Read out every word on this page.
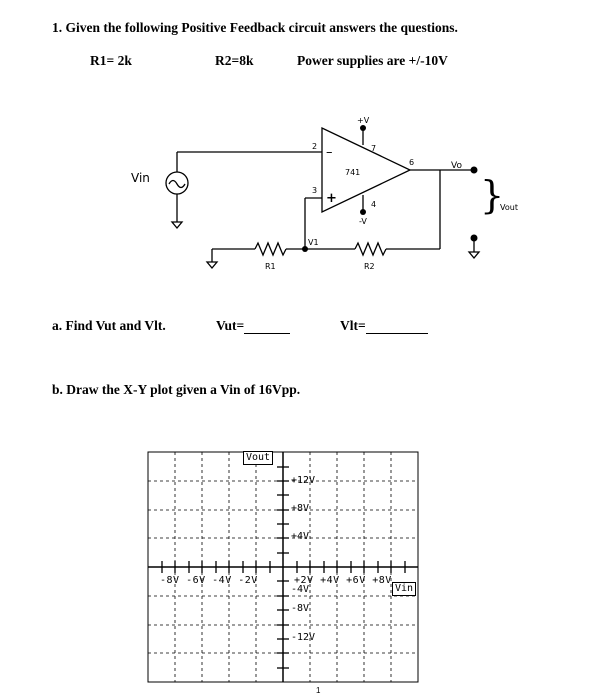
1. Given the following Positive Feedback circuit answers the questions.
R1= 2k	R2=8k	Power supplies are +/-10V
Vin	741
2
3
–
+
7
4
+V
-V
6	Vo
V1
R1	R2
}
Vout
a. Find Vut and Vlt.	Vut=	Vlt=
b. Draw the X-Y plot given a Vin of 16Vpp.
Vout
Vin
+12V
+8V
+4V
-4V
-8V
-12V
-8V -6V -4V -2V	+2V +4V +6V +8V
1
